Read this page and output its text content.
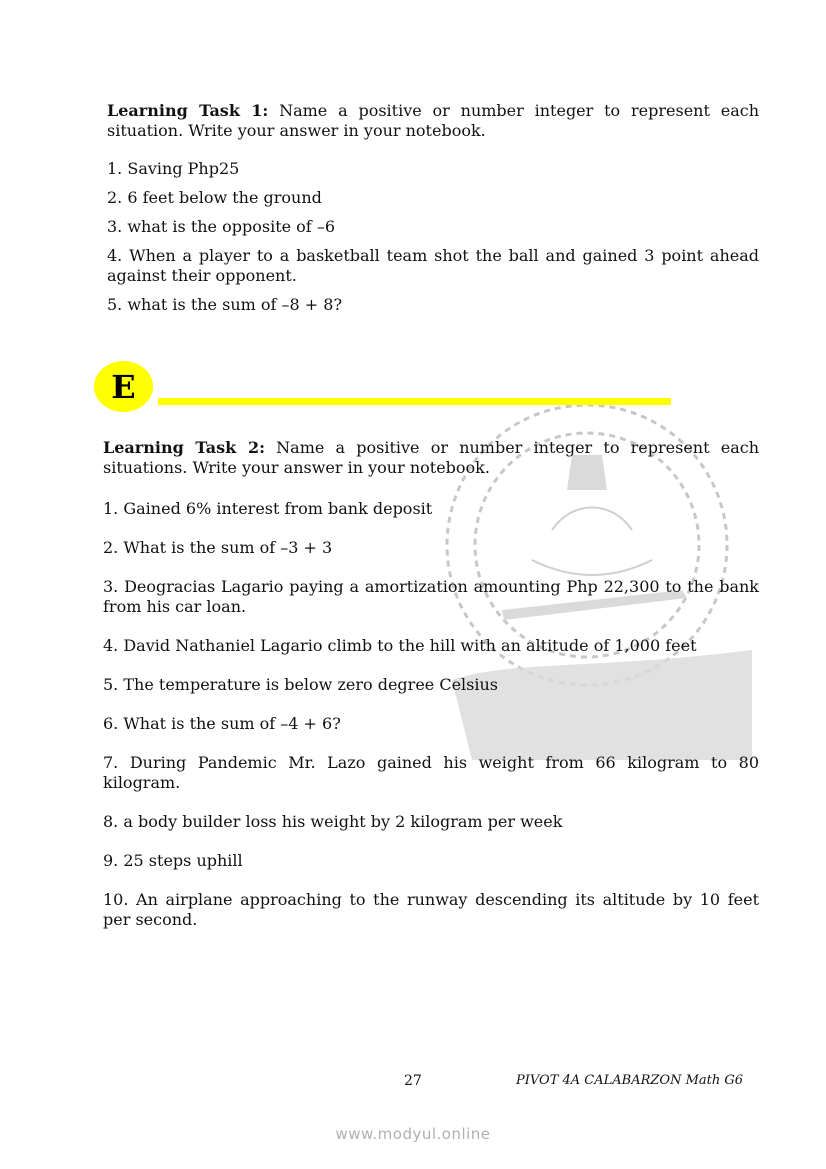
Learning Task 1: Name a positive or number integer to represent each situation. Write your answer in your notebook.

1. Saving Php25
2. 6 feet below the ground
3. what is the opposite of –6
4. When a player to a basketball team shot the ball and gained 3 point ahead against their opponent.
5. what is the sum of –8 + 8?
E

Learning Task 2: Name a positive or number integer to represent each situations. Write your answer in your notebook.

1. Gained 6% interest from bank deposit
2. What is the sum of –3 + 3
3. Deogracias Lagario paying a amortization amounting Php 22,300 to the bank from his car loan.
4. David Nathaniel Lagario climb to the hill with an altitude of 1,000 feet
5. The temperature is below zero degree Celsius
6. What is the sum of –4 + 6?
7. During Pandemic Mr. Lazo gained his weight from 66 kilogram to 80 kilogram.
8. a body builder loss his weight by 2 kilogram per week
9. 25 steps uphill
10. An airplane approaching to the runway descending its altitude by 10 feet per second.
27	PIVOT 4A CALABARZON Math G6
www.modyul.online
